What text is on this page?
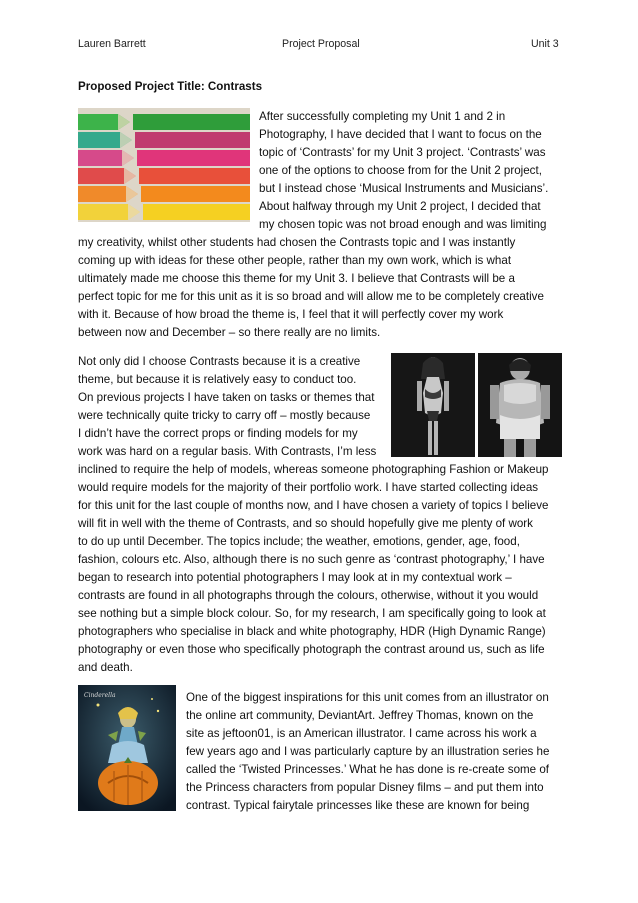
Lauren Barrett	Project Proposal	Unit 3
Proposed Project Title: Contrasts
After successfully completing my Unit 1 and 2 in
Photography, I have decided that I want to focus on the
topic of ‘Contrasts’ for my Unit 3 project. ‘Contrasts’ was
one of the options to choose from for the Unit 2 project,
but I instead chose ‘Musical Instruments and Musicians’.
About halfway through my Unit 2 project, I decided that
my chosen topic was not broad enough and was limiting
my creativity, whilst other students had chosen the Contrasts topic and I was instantly
coming up with ideas for these other people, rather than my own work, which is what
ultimately made me choose this theme for my Unit 3. I believe that Contrasts will be a
perfect topic for me for this unit as it is so broad and will allow me to be completely creative
with it. Because of how broad the theme is, I feel that it will perfectly cover my work
between now and December – so there really are no limits.
Not only did I choose Contrasts because it is a creative
theme, but because it is relatively easy to conduct too.
On previous projects I have taken on tasks or themes that
were technically quite tricky to carry off – mostly because
I didn’t have the correct props or finding models for my
work was hard on a regular basis. With Contrasts, I’m less
inclined to require the help of models, whereas someone photographing Fashion or Makeup
would require models for the majority of their portfolio work. I have started collecting ideas
for this unit for the last couple of months now, and I have chosen a variety of topics I believe
will fit in well with the theme of Contrasts, and so should hopefully give me plenty of work
to do up until December. The topics include; the weather, emotions, gender, age, food,
fashion, colours etc. Also, although there is no such genre as ‘contrast photography,’ I have
began to research into potential photographers I may look at in my contextual work –
contrasts are found in all photographs through the colours, otherwise, without it you would
see nothing but a simple block colour. So, for my research, I am specifically going to look at
photographers who specialise in black and white photography, HDR (High Dynamic Range)
photography or even those who specifically photograph the contrast around us, such as life
and death.
Cinderella	One of the biggest inspirations for this unit comes from an illustrator on
the online art community, DeviantArt. Jeffrey Thomas, known on the
site as jeftoon01, is an American illustrator. I came across his work a
few years ago and I was particularly capture by an illustration series he
called the ‘Twisted Princesses.’ What he has done is re-create some of
the Princess characters from popular Disney films – and put them into
contrast. Typical fairytale princesses like these are known for being
